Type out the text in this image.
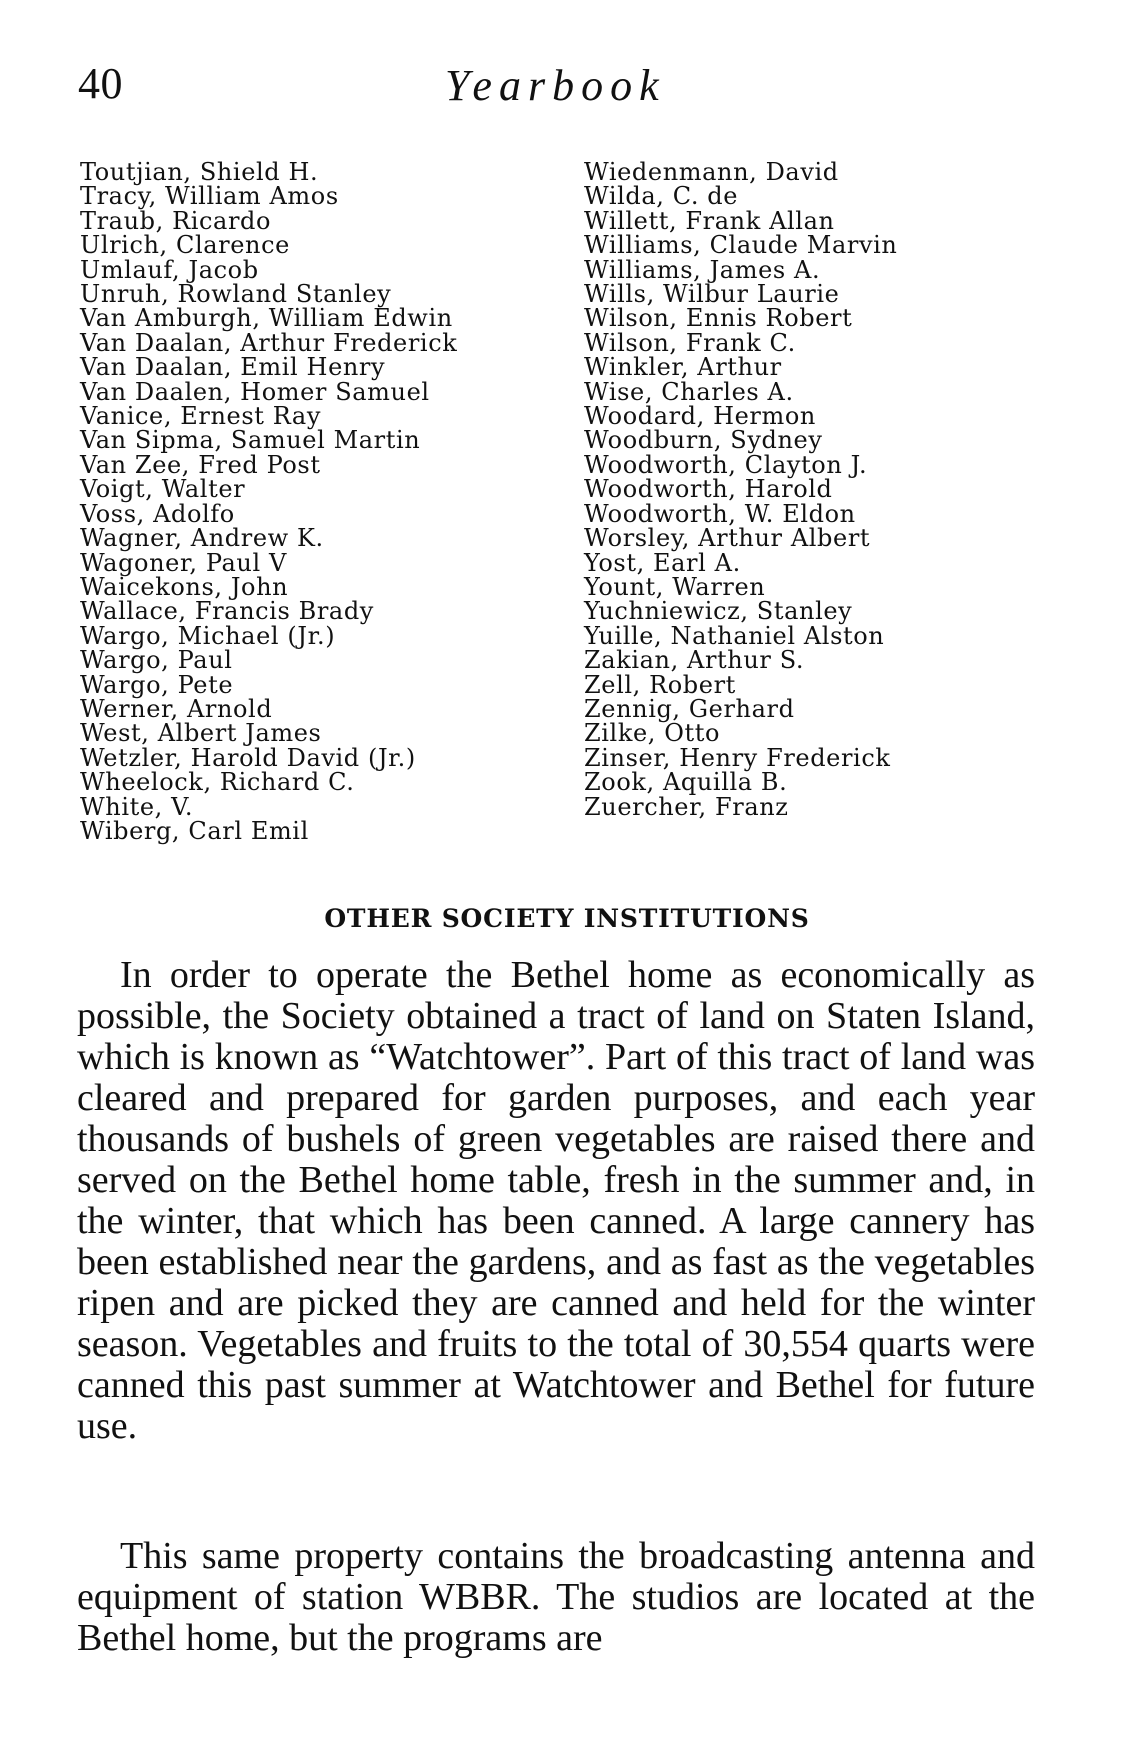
40	Yearbook
Toutjian, Shield H.
Tracy, William Amos
Traub, Ricardo
Ulrich, Clarence
Umlauf, Jacob
Unruh, Rowland Stanley
Van Amburgh, William Edwin
Van Daalan, Arthur Frederick
Van Daalan, Emil Henry
Van Daalen, Homer Samuel
Vanice, Ernest Ray
Van Sipma, Samuel Martin
Van Zee, Fred Post
Voigt, Walter
Voss, Adolfo
Wagner, Andrew K.
Wagoner, Paul V
Waicekons, John
Wallace, Francis Brady
Wargo, Michael (Jr.)
Wargo, Paul
Wargo, Pete
Werner, Arnold
West, Albert James
Wetzler, Harold David (Jr.)
Wheelock, Richard C.
White, V.
Wiberg, Carl Emil
Wiedenmann, David
Wilda, C. de
Willett, Frank Allan
Williams, Claude Marvin
Williams, James A.
Wills, Wilbur Laurie
Wilson, Ennis Robert
Wilson, Frank C.
Winkler, Arthur
Wise, Charles A.
Woodard, Hermon
Woodburn, Sydney
Woodworth, Clayton J.
Woodworth, Harold
Woodworth, W. Eldon
Worsley, Arthur Albert
Yost, Earl A.
Yount, Warren
Yuchniewicz, Stanley
Yuille, Nathaniel Alston
Zakian, Arthur S.
Zell, Robert
Zennig, Gerhard
Zilke, Otto
Zinser, Henry Frederick
Zook, Aquilla B.
Zuercher, Franz
OTHER SOCIETY INSTITUTIONS

In order to operate the Bethel home as economically as possible, the Society obtained a tract of land on Staten Island, which is known as “Watchtower”. Part of this tract of land was cleared and prepared for garden purposes, and each year thousands of bushels of green vegetables are raised there and served on the Bethel home table, fresh in the summer and, in the winter, that which has been canned. A large cannery has been established near the gardens, and as fast as the vegetables ripen and are picked they are canned and held for the winter season. Vegetables and fruits to the total of 30,554 quarts were canned this past summer at Watchtower and Bethel for future use.

This same property contains the broadcasting antenna and equipment of station WBBR. The studios are located at the Bethel home, but the programs are
